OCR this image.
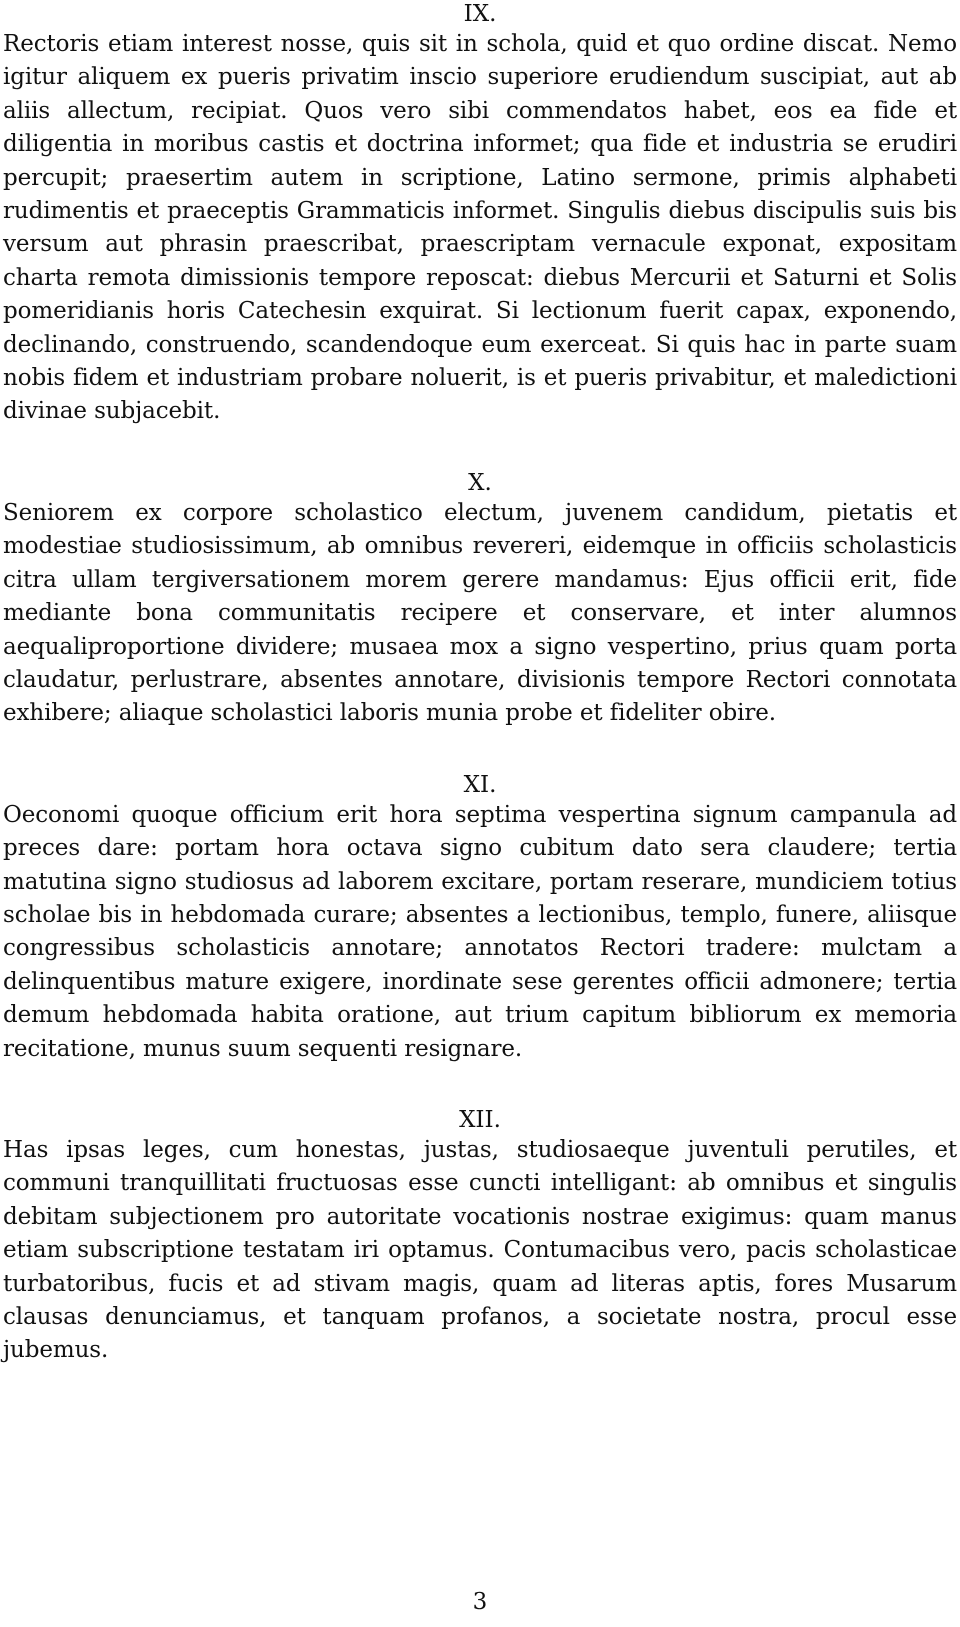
IX.

Rectoris etiam interest nosse, quis sit in schola, quid et quo ordine discat. Nemo igitur aliquem ex pueris privatim inscio superiore erudiendum suscipiat, aut ab aliis allectum, recipiat. Quos vero sibi commendatos habet, eos ea fide et diligentia in moribus castis et doctrina informet; qua fide et industria se erudiri percupit; praesertim autem in scriptione, Latino sermone, primis alphabeti rudimentis et praeceptis Grammaticis informet. Singulis diebus discipulis suis bis versum aut phrasin praescribat, praescriptam vernacule exponat, expositam charta remota dimissionis tempore reposcat: diebus Mercurii et Saturni et Solis pomeridianis horis Catechesin exquirat. Si lectionum fuerit capax, exponendo, declinando, construendo, scandendoque eum exerceat. Si quis hac in parte suam nobis fidem et industriam probare noluerit, is et pueris privabitur, et maledictioni divinae subjacebit.

X.

Seniorem ex corpore scholastico electum, juvenem candidum, pietatis et modestiae studiosissimum, ab omnibus revereri, eidemque in officiis scholasticis citra ullam tergiversationem morem gerere mandamus: Ejus officii erit, fide mediante bona communitatis recipere et conservare, et inter alumnos aequaliproportione dividere; musaea mox a signo vespertino, prius quam porta claudatur, perlustrare, absentes annotare, divisionis tempore Rectori connotata exhibere; aliaque scholastici laboris munia probe et fideliter obire.

XI.

Oeconomi quoque officium erit hora septima vespertina signum campanula ad preces dare: portam hora octava signo cubitum dato sera claudere; tertia matutina signo studiosus ad laborem excitare, portam reserare, mundiciem totius scholae bis in hebdomada curare; absentes a lectionibus, templo, funere, aliisque congressibus scholasticis annotare; annotatos Rectori tradere: mulctam a delinquentibus mature exigere, inordinate sese gerentes officii admonere; tertia demum hebdomada habita oratione, aut trium capitum bibliorum ex memoria recitatione, munus suum sequenti resignare.

XII.

Has ipsas leges, cum honestas, justas, studiosaeque juventuli perutiles, et communi tranquillitati fructuosas esse cuncti intelligant: ab omnibus et singulis debitam subjectionem pro autoritate vocationis nostrae exigimus: quam manus etiam subscriptione testatam iri optamus. Contumacibus vero, pacis scholasticae turbatoribus, fucis et ad stivam magis, quam ad literas aptis, fores Musarum clausas denunciamus, et tanquam profanos, a societate nostra, procul esse jubemus.

3
